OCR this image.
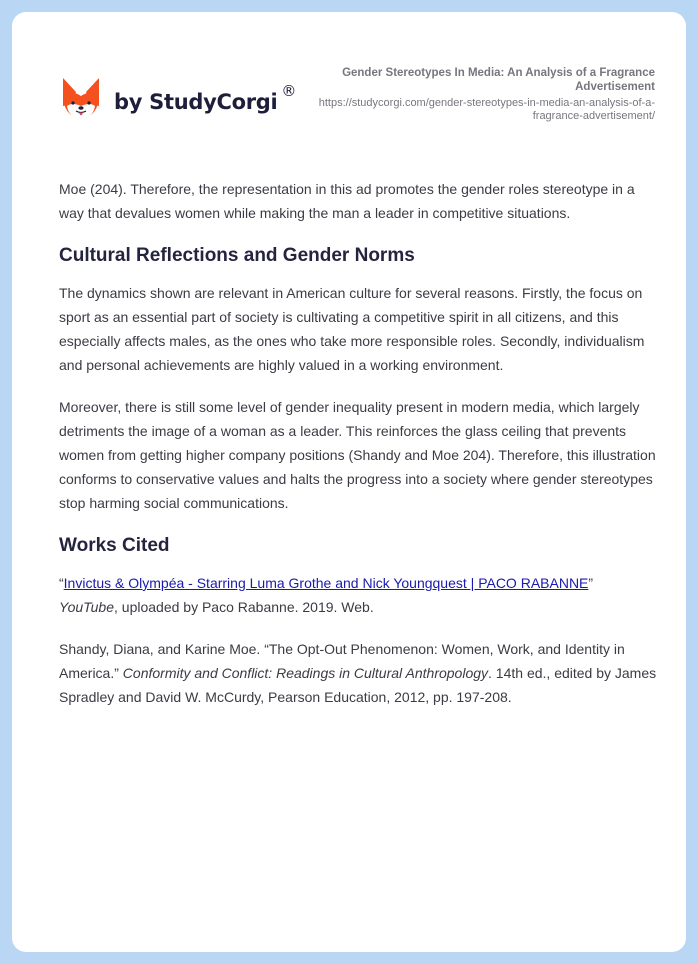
by StudyCorgi ®
Gender Stereotypes In Media: An Analysis of a Fragrance Advertisement
https://studycorgi.com/gender-stereotypes-in-media-an-analysis-of-a-fragrance-advertisement/

Moe (204). Therefore, the representation in this ad promotes the gender roles stereotype in a way that devalues women while making the man a leader in competitive situations.

Cultural Reflections and Gender Norms

The dynamics shown are relevant in American culture for several reasons. Firstly, the focus on sport as an essential part of society is cultivating a competitive spirit in all citizens, and this especially affects males, as the ones who take more responsible roles. Secondly, individualism and personal achievements are highly valued in a working environment.

Moreover, there is still some level of gender inequality present in modern media, which largely detriments the image of a woman as a leader. This reinforces the glass ceiling that prevents women from getting higher company positions (Shandy and Moe 204). Therefore, this illustration conforms to conservative values and halts the progress into a society where gender stereotypes stop harming social communications.

Works Cited

“Invictus & Olympéa - Starring Luma Grothe and Nick Youngquest | PACO RABANNE”
YouTube, uploaded by Paco Rabanne. 2019. Web.

Shandy, Diana, and Karine Moe. “The Opt-Out Phenomenon: Women, Work, and Identity in America.” Conformity and Conflict: Readings in Cultural Anthropology. 14th ed., edited by James Spradley and David W. McCurdy, Pearson Education, 2012, pp. 197-208.
